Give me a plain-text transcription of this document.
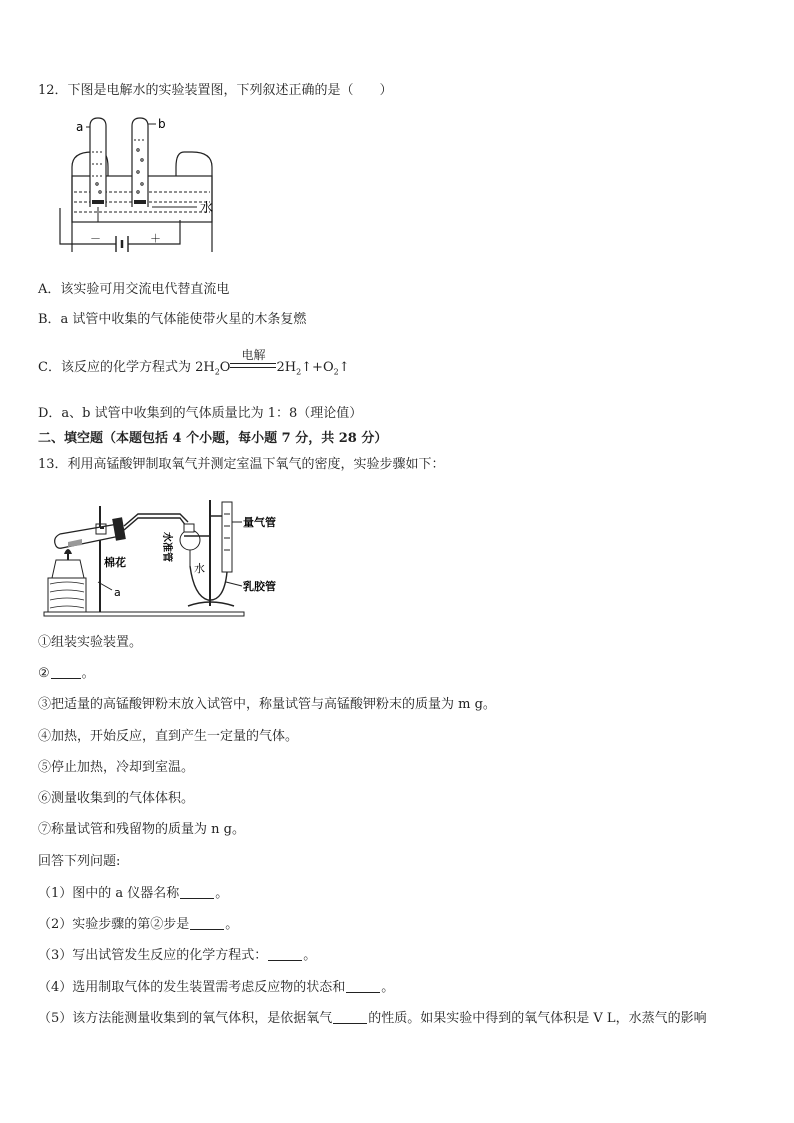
12．下图是电解水的实验装置图，下列叙述正确的是（　　）
a	b
水
－	＋
A．该实验可用交流电代替直流电
B．a 试管中收集的气体能使带火星的木条复燃
C．该反应的化学方程式为 $2H_2O$
电解
$2H_2↑+O_2↑$
D．a、b 试管中收集到的气体质量比为 1：8（理论值）
二、填空题（本题包括 4 个小题，每小题 7 分，共 28 分）
13．利用高锰酸钾制取氧气并测定室温下氧气的密度，实验步骤如下：
棉花
a
水准管
水
量气管
乳胶管
①组装实验装置。
② 。
③把适量的高锰酸钾粉末放入试管中，称量试管与高锰酸钾粉末的质量为 m g。
④加热，开始反应，直到产生一定量的气体。
⑤停止加热，冷却到室温。
⑥测量收集到的气体体积。
⑦称量试管和残留物的质量为 n g。
回答下列问题:
（1）图中的 a 仪器名称	。
（2）实验步骤的第②步是	。
（3）写出试管发生反应的化学方程式：	。
（4）选用制取气体的发生装置需考虑反应物的状态和	。
（5）该方法能测量收集到的氧气体积，是依据氧气	的性质。如果实验中得到的氧气体积是 V L，水蒸气的影响
